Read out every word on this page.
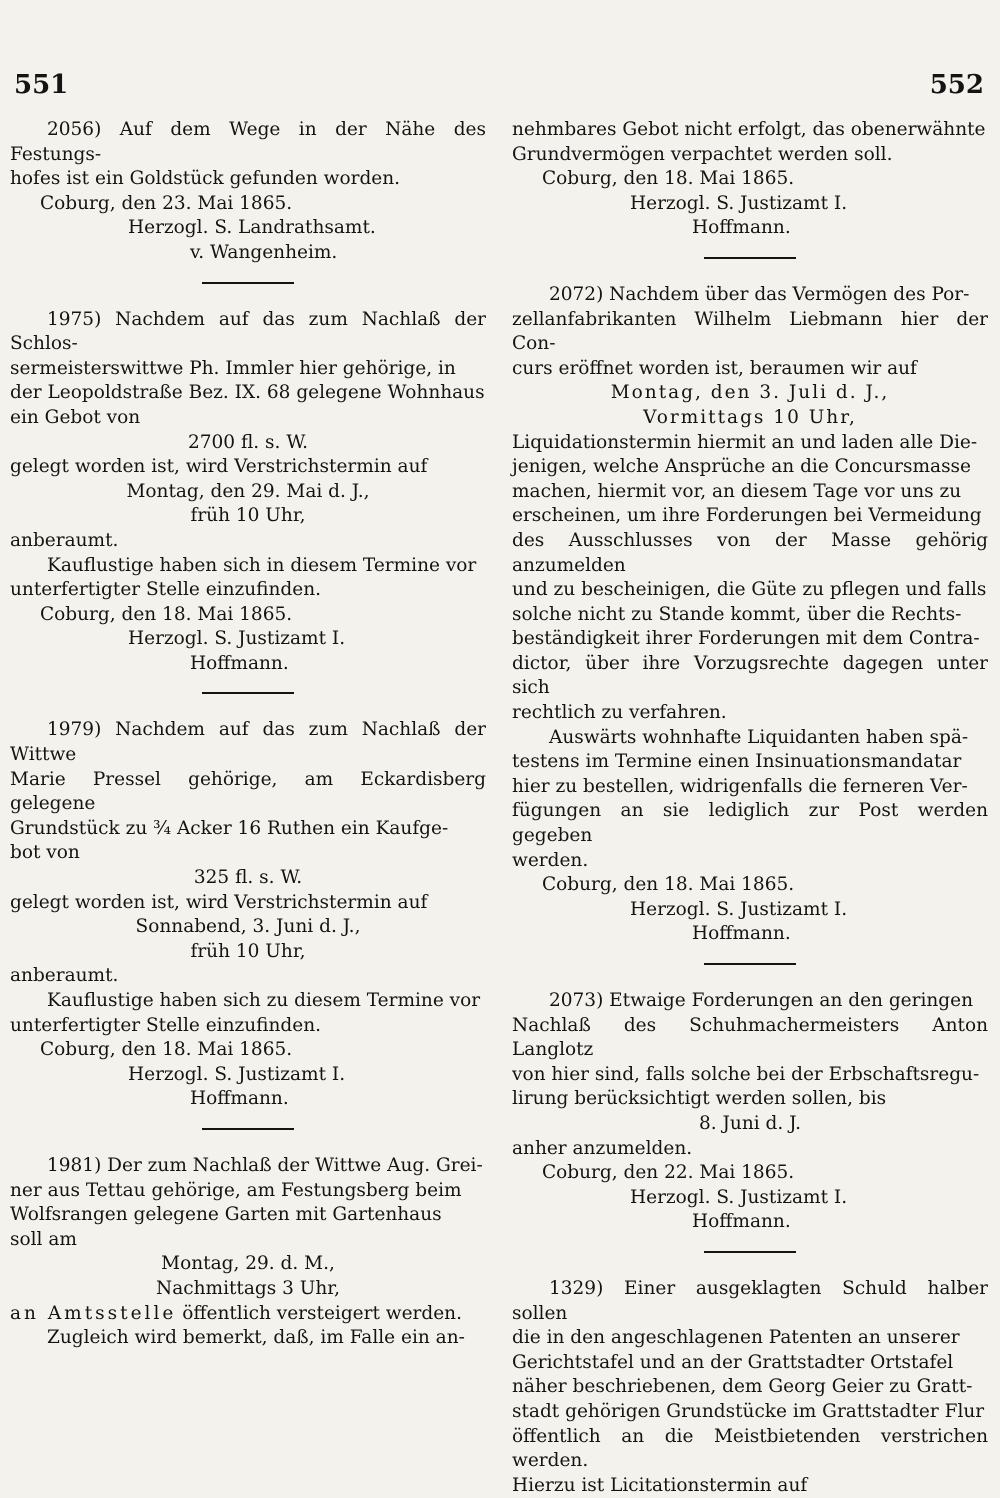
551	552

2056) Auf dem Wege in der Nähe des Festungs-

hofes ist ein Goldstück gefunden worden.

Coburg, den 23. Mai 1865.

Herzogl. S. Landrathsamt.

v. Wangenheim.

1975) Nachdem auf das zum Nachlaß der Schlos-

sermeisterswittwe Ph. Immler hier gehörige, in

der Leopoldstraße Bez. IX. 68 gelegene Wohnhaus

ein Gebot von

2700 fl. s. W.

gelegt worden ist, wird Verstrichstermin auf

Montag, den 29. Mai d. J.,

früh 10 Uhr,

anberaumt.

Kauflustige haben sich in diesem Termine vor

unterfertigter Stelle einzufinden.

Coburg, den 18. Mai 1865.

Herzogl. S. Justizamt I.

Hoffmann.

1979) Nachdem auf das zum Nachlaß der Wittwe

Marie Pressel gehörige, am Eckardisberg gelegene

Grundstück zu ¾ Acker 16 Ruthen ein Kaufge-

bot von

325 fl. s. W.

gelegt worden ist, wird Verstrichstermin auf

Sonnabend, 3. Juni d. J.,

früh 10 Uhr,

anberaumt.

Kauflustige haben sich zu diesem Termine vor

unterfertigter Stelle einzufinden.

Coburg, den 18. Mai 1865.

Herzogl. S. Justizamt I.

Hoffmann.

1981) Der zum Nachlaß der Wittwe Aug. Grei-

ner aus Tettau gehörige, am Festungsberg beim

Wolfsrangen gelegene Garten mit Gartenhaus

soll am

Montag, 29. d. M.,

Nachmittags 3 Uhr,

an Amtsstelle öffentlich versteigert werden.

Zugleich wird bemerkt, daß, im Falle ein an-

nehmbares Gebot nicht erfolgt, das obenerwähnte

Grundvermögen verpachtet werden soll.

Coburg, den 18. Mai 1865.

Herzogl. S. Justizamt I.

Hoffmann.

2072) Nachdem über das Vermögen des Por-

zellanfabrikanten Wilhelm Liebmann hier der Con-

curs eröffnet worden ist, beraumen wir auf

Montag, den 3. Juli d. J.,

Vormittags 10 Uhr,

Liquidationstermin hiermit an und laden alle Die-

jenigen, welche Ansprüche an die Concursmasse

machen, hiermit vor, an diesem Tage vor uns zu

erscheinen, um ihre Forderungen bei Vermeidung

des Ausschlusses von der Masse gehörig anzumelden

und zu bescheinigen, die Güte zu pflegen und falls

solche nicht zu Stande kommt, über die Rechts-

beständigkeit ihrer Forderungen mit dem Contra-

dictor, über ihre Vorzugsrechte dagegen unter sich

rechtlich zu verfahren.

Auswärts wohnhafte Liquidanten haben spä-

testens im Termine einen Insinuationsmandatar

hier zu bestellen, widrigenfalls die ferneren Ver-

fügungen an sie lediglich zur Post werden gegeben

werden.

Coburg, den 18. Mai 1865.

Herzogl. S. Justizamt I.

Hoffmann.

2073) Etwaige Forderungen an den geringen

Nachlaß des Schuhmachermeisters Anton Langlotz

von hier sind, falls solche bei der Erbschaftsregu-

lirung berücksichtigt werden sollen, bis

8. Juni d. J.

anher anzumelden.

Coburg, den 22. Mai 1865.

Herzogl. S. Justizamt I.

Hoffmann.

1329) Einer ausgeklagten Schuld halber sollen

die in den angeschlagenen Patenten an unserer

Gerichtstafel und an der Grattstadter Ortstafel

näher beschriebenen, dem Georg Geier zu Gratt-

stadt gehörigen Grundstücke im Grattstadter Flur

öffentlich an die Meistbietenden verstrichen werden.

Hierzu ist Licitationstermin auf
